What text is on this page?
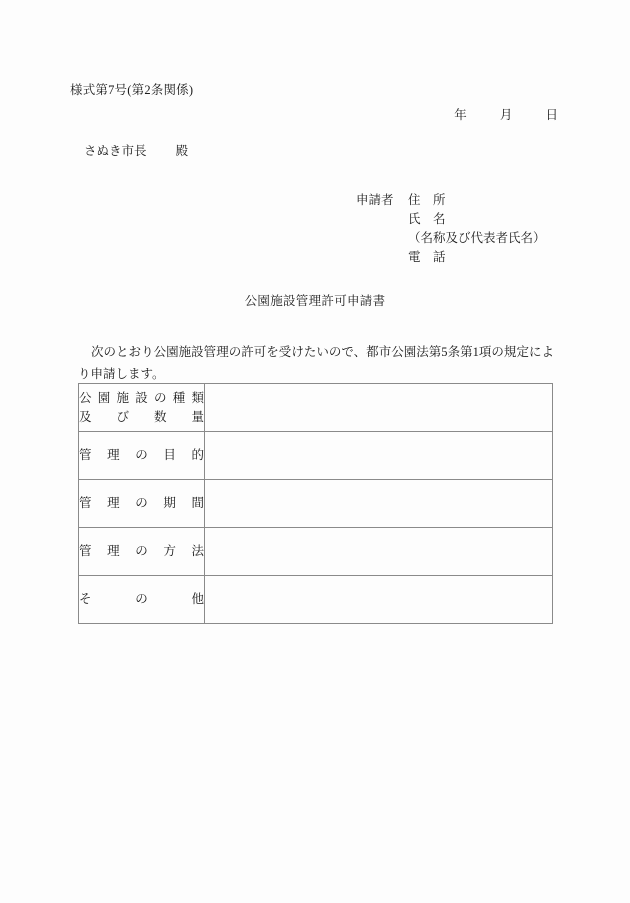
様式第7号(第2条関係)
年	月	日
さぬき市長 殿
申請者	住　所
氏　名
（名称及び代表者氏名）
電　話
公園施設管理許可申請書
次のとおり公園施設管理の許可を受けたいので、都市公園法第5条第1項の規定により申請します。
公園施設の種類
及び数量	

管理の目的	

管理の期間	

管理の方法	

その他	
